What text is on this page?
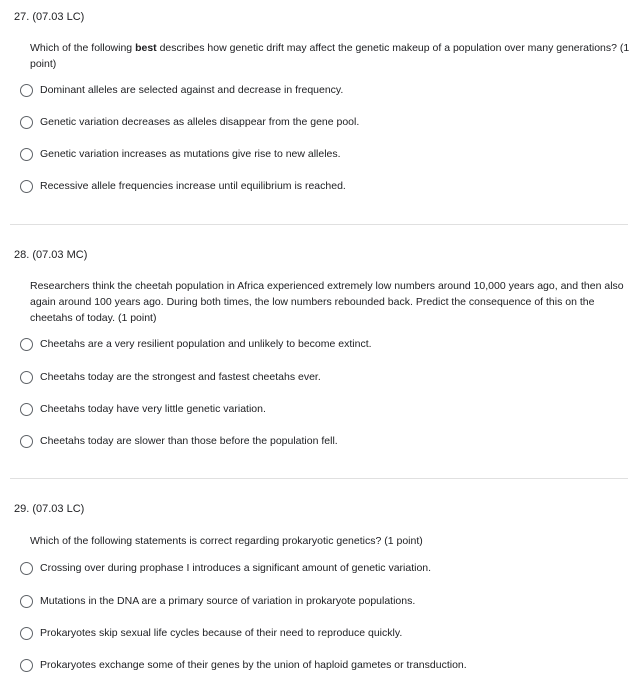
27. (07.03 LC)
Which of the following best describes how genetic drift may affect the genetic makeup of a population over many generations? (1 point)
Dominant alleles are selected against and decrease in frequency.
Genetic variation decreases as alleles disappear from the gene pool.
Genetic variation increases as mutations give rise to new alleles.
Recessive allele frequencies increase until equilibrium is reached.
28. (07.03 MC)
Researchers think the cheetah population in Africa experienced extremely low numbers around 10,000 years ago, and then also again around 100 years ago. During both times, the low numbers rebounded back. Predict the consequence of this on the cheetahs of today. (1 point)
Cheetahs are a very resilient population and unlikely to become extinct.
Cheetahs today are the strongest and fastest cheetahs ever.
Cheetahs today have very little genetic variation.
Cheetahs today are slower than those before the population fell.
29. (07.03 LC)
Which of the following statements is correct regarding prokaryotic genetics? (1 point)
Crossing over during prophase I introduces a significant amount of genetic variation.
Mutations in the DNA are a primary source of variation in prokaryote populations.
Prokaryotes skip sexual life cycles because of their need to reproduce quickly.
Prokaryotes exchange some of their genes by the union of haploid gametes or transduction.
